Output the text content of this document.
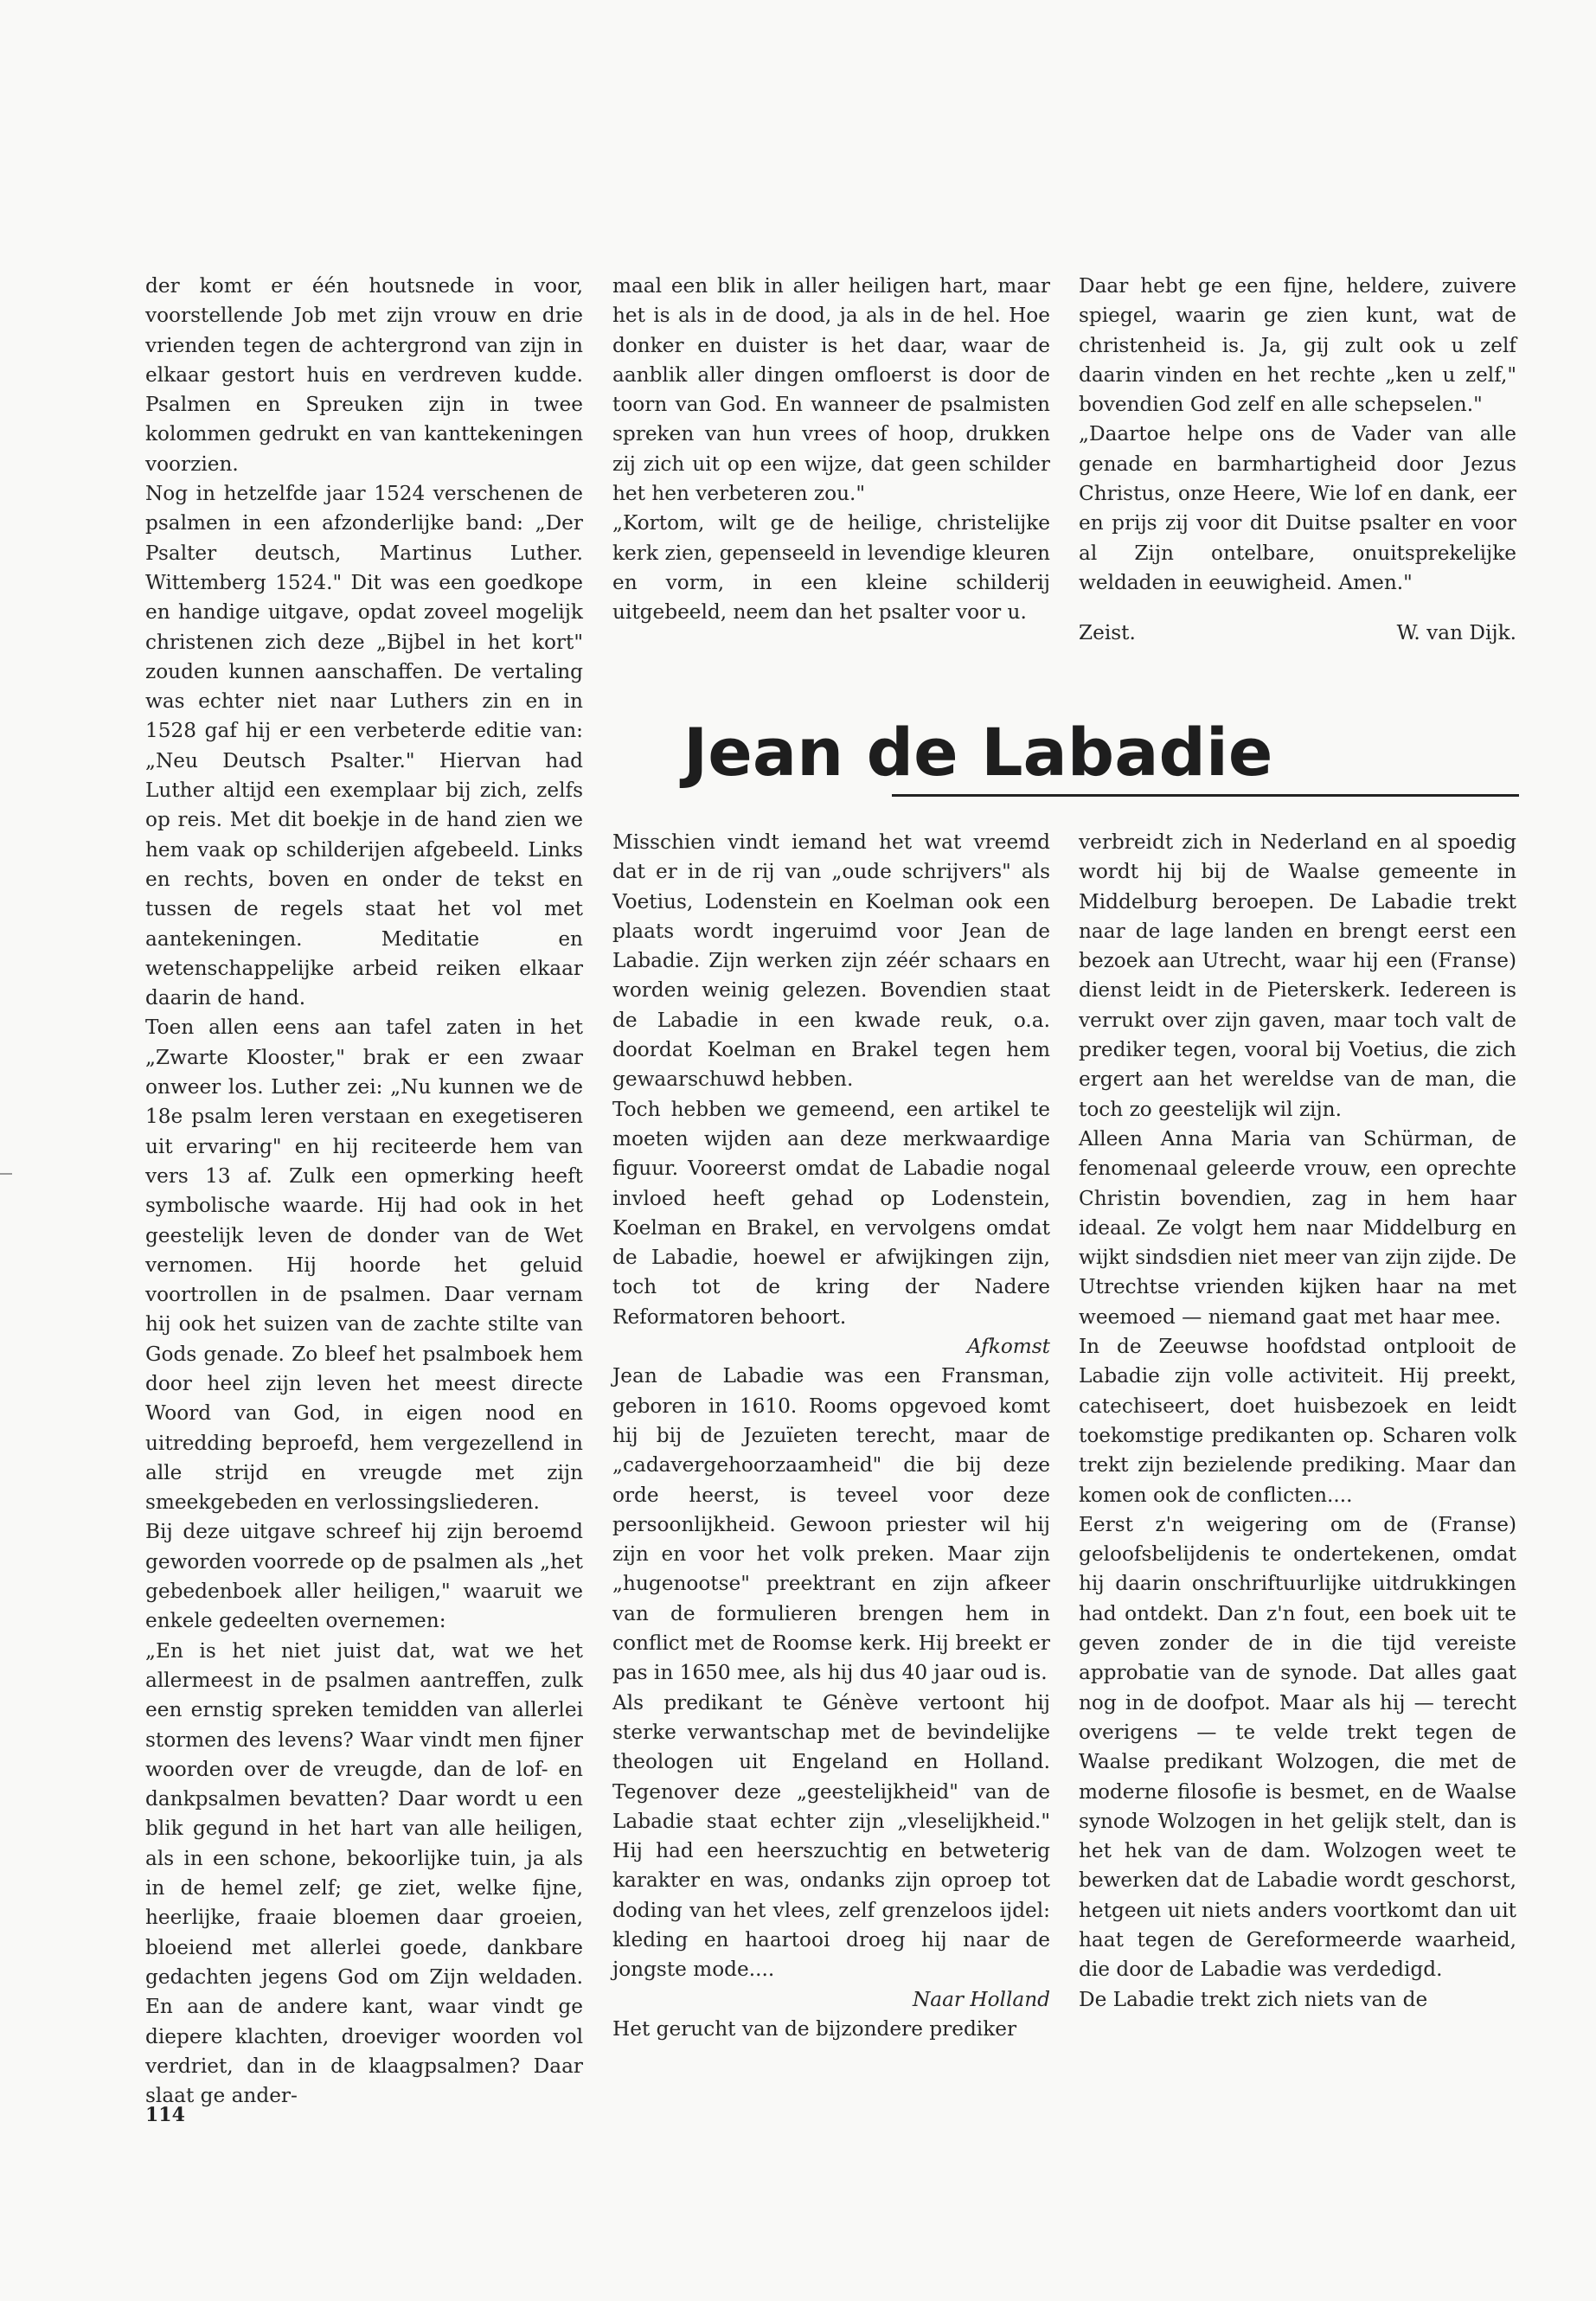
der komt er één houtsnede in voor, voorstellende Job met zijn vrouw en drie vrienden tegen de achtergrond van zijn in elkaar gestort huis en verdreven kudde. Psalmen en Spreuken zijn in twee kolommen gedrukt en van kanttekeningen voorzien.

Nog in hetzelfde jaar 1524 verschenen de psalmen in een afzonderlijke band: „Der Psalter deutsch, Martinus Luther. Wittemberg 1524." Dit was een goedkope en handige uitgave, opdat zoveel mogelijk christenen zich deze „Bijbel in het kort" zouden kunnen aanschaffen. De vertaling was echter niet naar Luthers zin en in 1528 gaf hij er een verbeterde editie van: „Neu Deutsch Psalter." Hiervan had Luther altijd een exemplaar bij zich, zelfs op reis. Met dit boekje in de hand zien we hem vaak op schilderijen afgebeeld. Links en rechts, boven en onder de tekst en tussen de regels staat het vol met aantekeningen. Meditatie en wetenschappelijke arbeid reiken elkaar daarin de hand.

Toen allen eens aan tafel zaten in het „Zwarte Klooster," brak er een zwaar onweer los. Luther zei: „Nu kunnen we de 18e psalm leren verstaan en exegetiseren uit ervaring" en hij reciteerde hem van vers 13 af. Zulk een opmerking heeft symbolische waarde. Hij had ook in het geestelijk leven de donder van de Wet vernomen. Hij hoorde het geluid voortrollen in de psalmen. Daar vernam hij ook het suizen van de zachte stilte van Gods genade. Zo bleef het psalmboek hem door heel zijn leven het meest directe Woord van God, in eigen nood en uitredding beproefd, hem vergezellend in alle strijd en vreugde met zijn smeekgebeden en verlossingsliederen.

Bij deze uitgave schreef hij zijn beroemd geworden voorrede op de psalmen als „het gebedenboek aller heiligen," waaruit we enkele gedeelten overnemen:

„En is het niet juist dat, wat we het allermeest in de psalmen aantreffen, zulk een ernstig spreken temidden van allerlei stormen des levens? Waar vindt men fijner woorden over de vreugde, dan de lof- en dankpsalmen bevatten? Daar wordt u een blik gegund in het hart van alle heiligen, als in een schone, bekoorlijke tuin, ja als in de hemel zelf; ge ziet, welke fijne, heerlijke, fraaie bloemen daar groeien, bloeiend met allerlei goede, dankbare gedachten jegens God om Zijn weldaden. En aan de andere kant, waar vindt ge diepere klachten, droeviger woorden vol verdriet, dan in de klaagpsalmen? Daar slaat ge ander-

maal een blik in aller heiligen hart, maar het is als in de dood, ja als in de hel. Hoe donker en duister is het daar, waar de aanblik aller dingen omfloerst is door de toorn van God. En wanneer de psalmisten spreken van hun vrees of hoop, drukken zij zich uit op een wijze, dat geen schilder het hen verbeteren zou."

„Kortom, wilt ge de heilige, christelijke kerk zien, gepenseeld in levendige kleuren en vorm, in een kleine schilderij uitgebeeld, neem dan het psalter voor u.

Daar hebt ge een fijne, heldere, zuivere spiegel, waarin ge zien kunt, wat de christenheid is. Ja, gij zult ook u zelf daarin vinden en het rechte „ken u zelf," bovendien God zelf en alle schepselen."

„Daartoe helpe ons de Vader van alle genade en barmhartigheid door Jezus Christus, onze Heere, Wie lof en dank, eer en prijs zij voor dit Duitse psalter en voor al Zijn ontelbare, onuitsprekelijke weldaden in eeuwigheid. Amen."

Zeist.	W. van Dijk.
Jean de Labadie

Misschien vindt iemand het wat vreemd dat er in de rij van „oude schrijvers" als Voetius, Lodenstein en Koelman ook een plaats wordt ingeruimd voor Jean de Labadie. Zijn werken zijn zéér schaars en worden weinig gelezen. Bovendien staat de Labadie in een kwade reuk, o.a. doordat Koelman en Brakel tegen hem gewaarschuwd hebben.

Toch hebben we gemeend, een artikel te moeten wijden aan deze merkwaardige figuur. Vooreerst omdat de Labadie nogal invloed heeft gehad op Lodenstein, Koelman en Brakel, en vervolgens omdat de Labadie, hoewel er afwijkingen zijn, toch tot de kring der Nadere Reformatoren behoort.

Afkomst

Jean de Labadie was een Fransman, geboren in 1610. Rooms opgevoed komt hij bij de Jezuïeten terecht, maar de „cadavergehoorzaamheid" die bij deze orde heerst, is teveel voor deze persoonlijkheid. Gewoon priester wil hij zijn en voor het volk preken. Maar zijn „hugenootse" preektrant en zijn afkeer van de formulieren brengen hem in conflict met de Roomse kerk. Hij breekt er pas in 1650 mee, als hij dus 40 jaar oud is.

Als predikant te Génève vertoont hij sterke verwantschap met de bevindelijke theologen uit Engeland en Holland. Tegenover deze „geestelijkheid" van de Labadie staat echter zijn „vleselijkheid." Hij had een heerszuchtig en betweterig karakter en was, ondanks zijn oproep tot doding van het vlees, zelf grenzeloos ijdel: kleding en haartooi droeg hij naar de jongste mode....

Naar Holland

Het gerucht van de bijzondere prediker

verbreidt zich in Nederland en al spoedig wordt hij bij de Waalse gemeente in Middelburg beroepen. De Labadie trekt naar de lage landen en brengt eerst een bezoek aan Utrecht, waar hij een (Franse) dienst leidt in de Pieterskerk. Iedereen is verrukt over zijn gaven, maar toch valt de prediker tegen, vooral bij Voetius, die zich ergert aan het wereldse van de man, die toch zo geestelijk wil zijn.

Alleen Anna Maria van Schürman, de fenomenaal geleerde vrouw, een oprechte Christin bovendien, zag in hem haar ideaal. Ze volgt hem naar Middelburg en wijkt sindsdien niet meer van zijn zijde. De Utrechtse vrienden kijken haar na met weemoed — niemand gaat met haar mee.

In de Zeeuwse hoofdstad ontplooit de Labadie zijn volle activiteit. Hij preekt, catechiseert, doet huisbezoek en leidt toekomstige predikanten op. Scharen volk trekt zijn bezielende prediking. Maar dan komen ook de conflicten....

Eerst z'n weigering om de (Franse) geloofsbelijdenis te ondertekenen, omdat hij daarin onschriftuurlijke uitdrukkingen had ontdekt. Dan z'n fout, een boek uit te geven zonder de in die tijd vereiste approbatie van de synode. Dat alles gaat nog in de doofpot. Maar als hij — terecht overigens — te velde trekt tegen de Waalse predikant Wolzogen, die met de moderne filosofie is besmet, en de Waalse synode Wolzogen in het gelijk stelt, dan is het hek van de dam. Wolzogen weet te bewerken dat de Labadie wordt geschorst, hetgeen uit niets anders voortkomt dan uit haat tegen de Gereformeerde waarheid, die door de Labadie was verdedigd.

De Labadie trekt zich niets van de

114
